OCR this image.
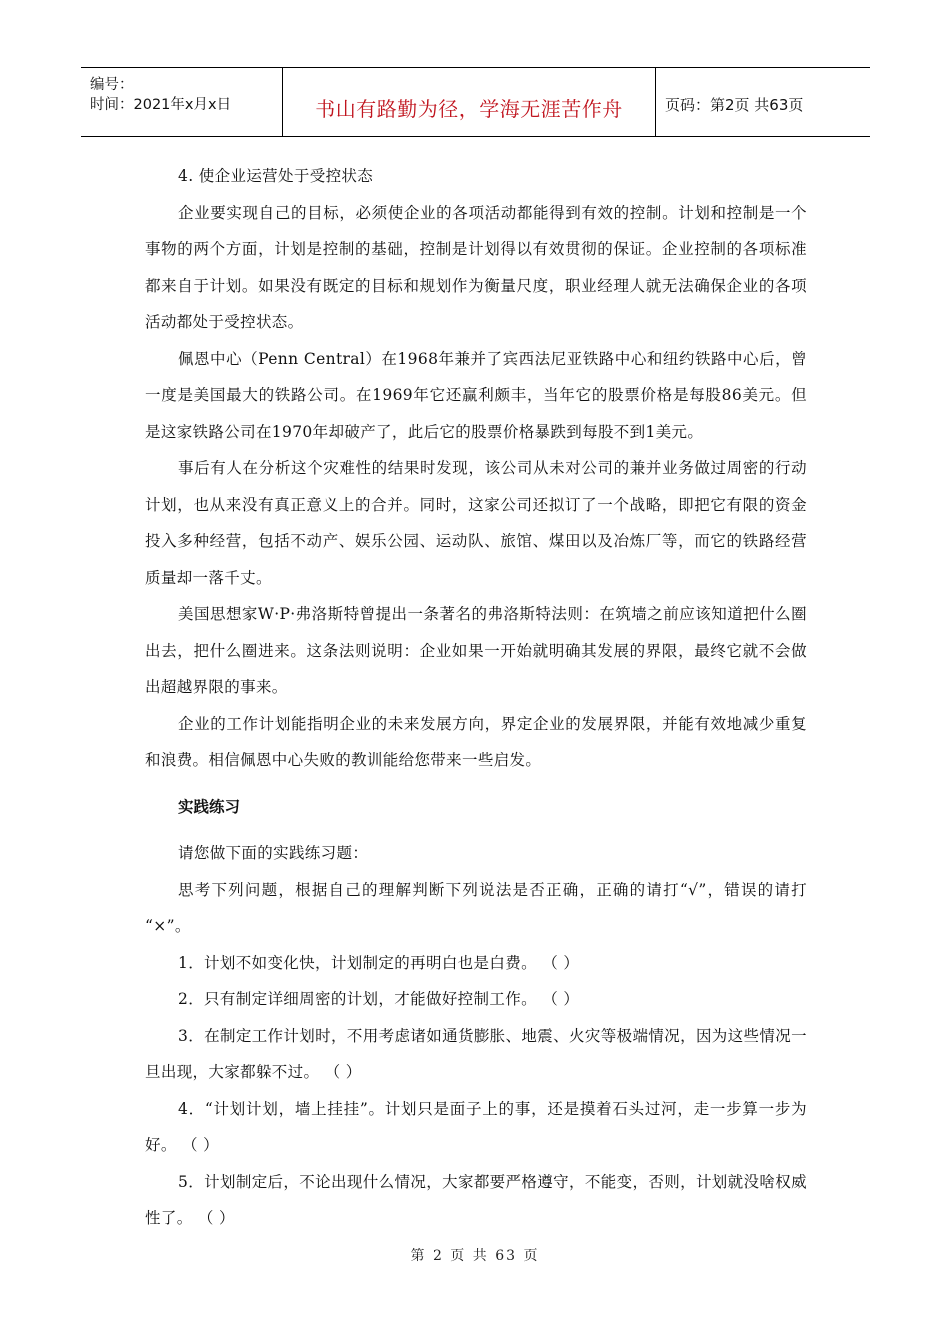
编号：
时间：2021年x月x日	书山有路勤为径，学海无涯苦作舟	页码：第2页 共63页

4. 使企业运营处于受控状态

企业要实现自己的目标，必须使企业的各项活动都能得到有效的控制。计划和控制是一个事物的两个方面，计划是控制的基础，控制是计划得以有效贯彻的保证。企业控制的各项标准都来自于计划。如果没有既定的目标和规划作为衡量尺度，职业经理人就无法确保企业的各项活动都处于受控状态。

佩恩中心（Penn Central）在1968年兼并了宾西法尼亚铁路中心和纽约铁路中心后，曾一度是美国最大的铁路公司。在1969年它还赢利颇丰，当年它的股票价格是每股86美元。但是这家铁路公司在1970年却破产了，此后它的股票价格暴跌到每股不到1美元。

事后有人在分析这个灾难性的结果时发现，该公司从未对公司的兼并业务做过周密的行动计划，也从来没有真正意义上的合并。同时，这家公司还拟订了一个战略，即把它有限的资金投入多种经营，包括不动产、娱乐公园、运动队、旅馆、煤田以及冶炼厂等，而它的铁路经营质量却一落千丈。

美国思想家W·P·弗洛斯特曾提出一条著名的弗洛斯特法则：在筑墙之前应该知道把什么圈出去，把什么圈进来。这条法则说明：企业如果一开始就明确其发展的界限，最终它就不会做出超越界限的事来。

企业的工作计划能指明企业的未来发展方向，界定企业的发展界限，并能有效地减少重复和浪费。相信佩恩中心失败的教训能给您带来一些启发。

实践练习

请您做下面的实践练习题：

思考下列问题，根据自己的理解判断下列说法是否正确，正确的请打“√”，错误的请打 “×”。

1．计划不如变化快，计划制定的再明白也是白费。 （ ）

2．只有制定详细周密的计划，才能做好控制工作。 （ ）

3．在制定工作计划时，不用考虑诸如通货膨胀、地震、火灾等极端情况，因为这些情况一旦出现，大家都躲不过。 （ ）

4．“计划计划，墙上挂挂”。计划只是面子上的事，还是摸着石头过河，走一步算一步为好。 （ ）

5．计划制定后，不论出现什么情况，大家都要严格遵守，不能变，否则，计划就没啥权威性了。 （ ）

第 2 页 共 63 页
